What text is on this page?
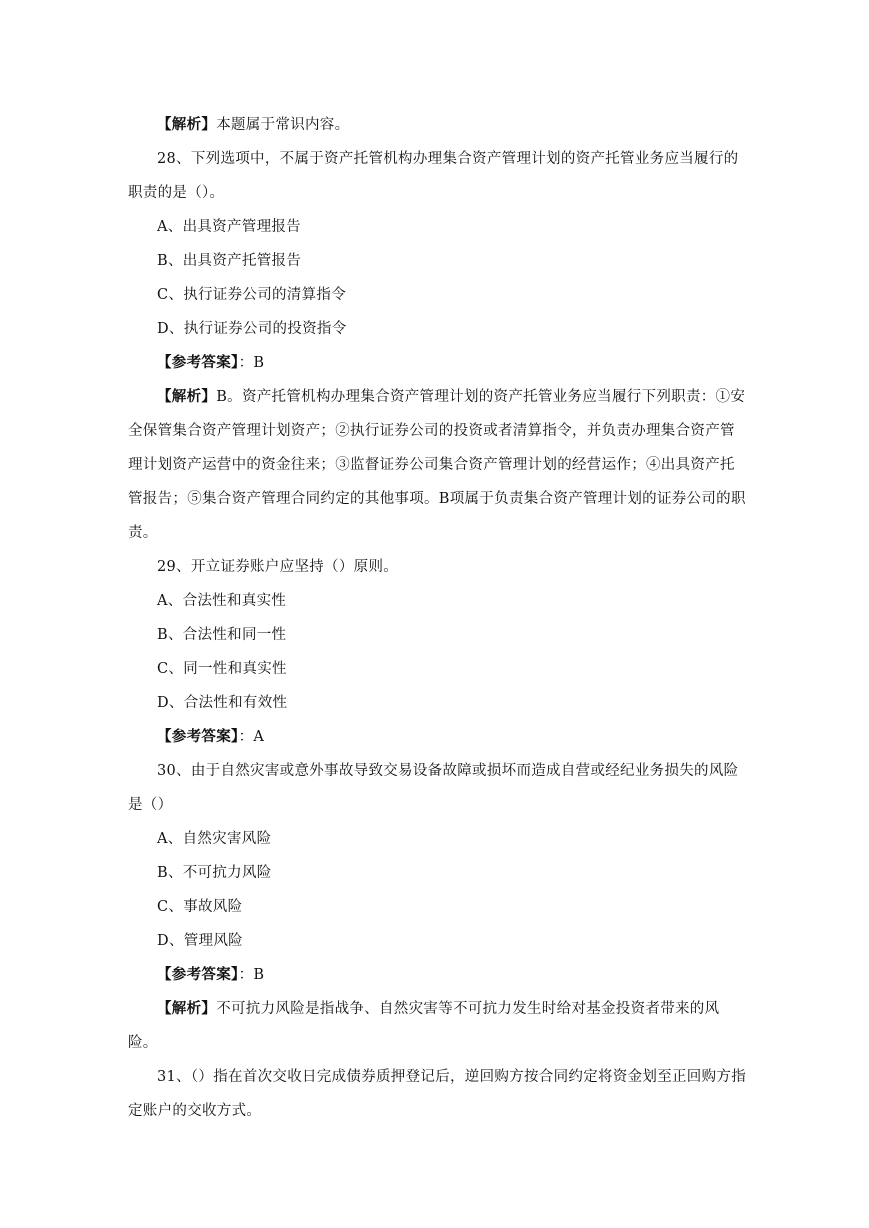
【解析】本题属于常识内容。

28、下列选项中，不属于资产托管机构办理集合资产管理计划的资产托管业务应当履行的职责的是（）。

A、出具资产管理报告

B、出具资产托管报告

C、执行证券公司的清算指令

D、执行证券公司的投资指令

【参考答案】：B

【解析】B。资产托管机构办理集合资产管理计划的资产托管业务应当履行下列职责：①安全保管集合资产管理计划资产；②执行证券公司的投资或者清算指令，并负责办理集合资产管理计划资产运营中的资金往来；③监督证券公司集合资产管理计划的经营运作；④出具资产托管报告；⑤集合资产管理合同约定的其他事项。B项属于负责集合资产管理计划的证券公司的职责。

29、开立证券账户应坚持（）原则。

A、合法性和真实性

B、合法性和同一性

C、同一性和真实性

D、合法性和有效性

【参考答案】：A

30、由于自然灾害或意外事故导致交易设备故障或损坏而造成自营或经纪业务损失的风险是（）

A、自然灾害风险

B、不可抗力风险

C、事故风险

D、管理风险

【参考答案】：B

【解析】不可抗力风险是指战争、自然灾害等不可抗力发生时给对基金投资者带来的风险。

31、（）指在首次交收日完成债券质押登记后，逆回购方按合同约定将资金划至正回购方指定账户的交收方式。
